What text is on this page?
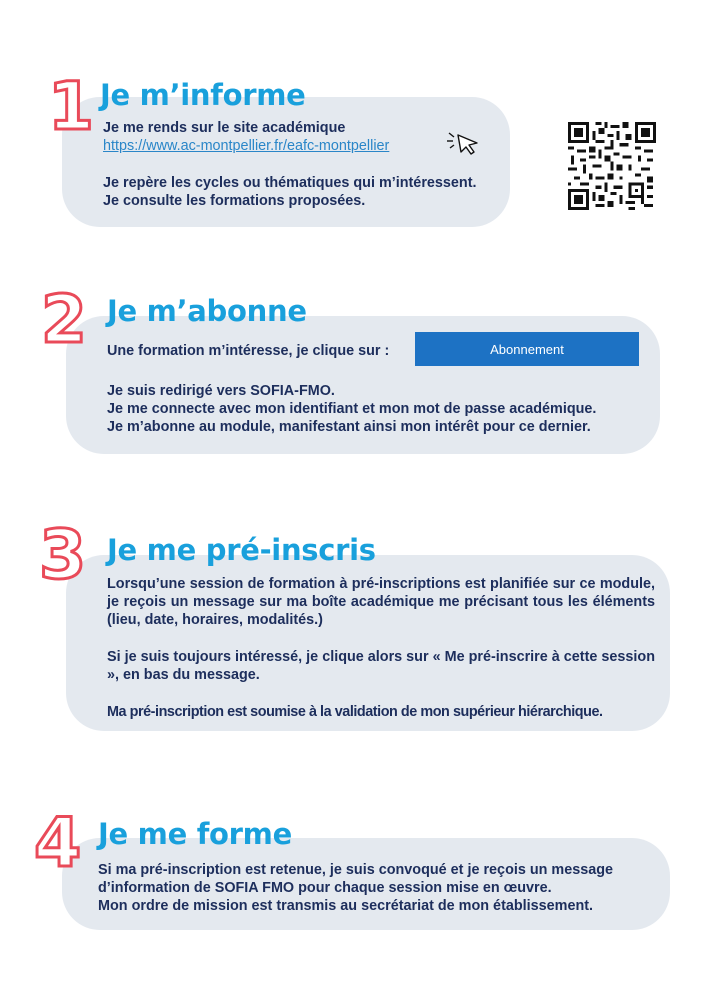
1 Je m’informe
Je me rends sur le site académique
https://www.ac-montpellier.fr/eafc-montpellier
Je repère les cycles ou thématiques qui m’intéressent.
Je consulte les formations proposées.
2 Je m’abonne
Une formation m’intéresse, je clique sur :	Abonnement
Je suis redirigé vers SOFIA-FMO.
Je me connecte avec mon identifiant et mon mot de passe académique.
Je m’abonne au module, manifestant ainsi mon intérêt pour ce dernier.
3 Je me pré-inscris
Lorsqu’une session de formation à pré-inscriptions est planifiée sur ce module, je reçois un message sur ma boîte académique me précisant tous les éléments (lieu, date, horaires, modalités.)
Si je suis toujours intéressé, je clique alors sur « Me pré-inscrire à cette session », en bas du message.
Ma pré-inscription est soumise à la validation de mon supérieur hiérarchique.
4 Je me forme
Si ma pré-inscription est retenue, je suis convoqué et je reçois un message
d’information de SOFIA FMO pour chaque session mise en œuvre.
Mon ordre de mission est transmis au secrétariat de mon établissement.
